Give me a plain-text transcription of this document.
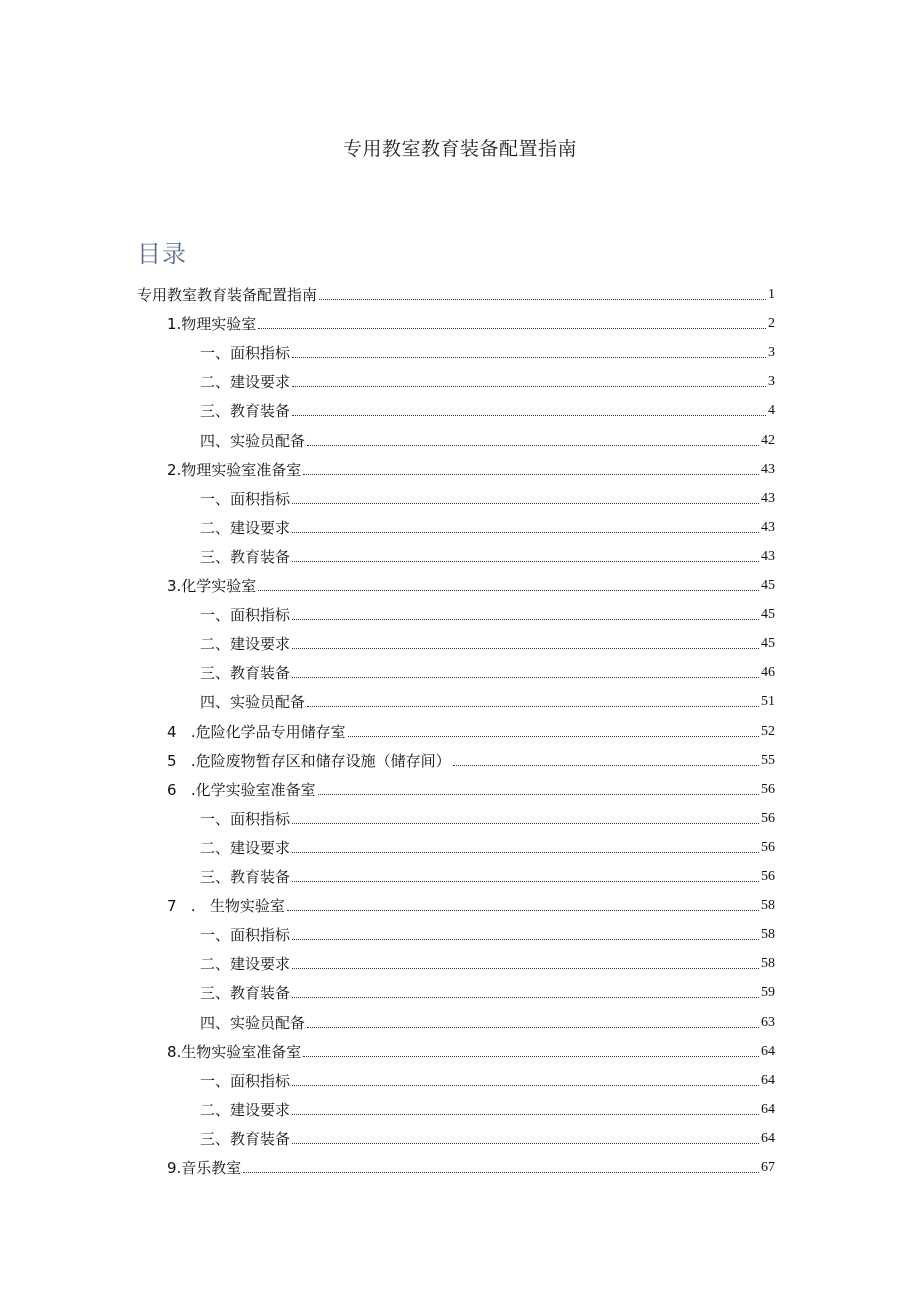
专用教室教育装备配置指南
目录
专用教室教育装备配置指南	1
1.物理实验室	2
一、面积指标	3
二、建设要求	3
三、教育装备	4
四、实验员配备	42
2.物理实验室准备室	43
一、面积指标	43
二、建设要求	43
三、教育装备	43
3.化学实验室	45
一、面积指标	45
二、建设要求	45
三、教育装备	46
四、实验员配备	51
4   .危险化学品专用储存室	52
5   .危险废物暂存区和储存设施（储存间）	55
6   .化学实验室准备室	56
一、面积指标	56
二、建设要求	56
三、教育装备	56
7   .   生物实验室	58
一、面积指标	58
二、建设要求	58
三、教育装备	59
四、实验员配备	63
8.生物实验室准备室	64
一、面积指标	64
二、建设要求	64
三、教育装备	64
9.音乐教室	67
